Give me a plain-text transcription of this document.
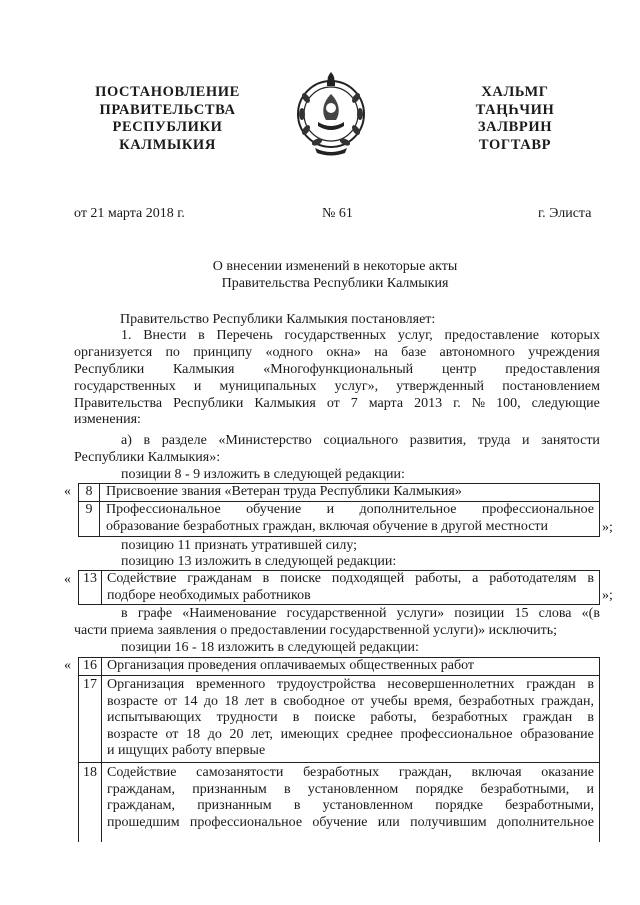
ПОСТАНОВЛЕНИЕ
ПРАВИТЕЛЬСТВА
РЕСПУБЛИКИ
КАЛМЫКИЯ
ХАЛЬМГ
ТАҢҺЧИН
ЗАЛВРИН
ТОГТАВР
от 21 марта 2018 г.	№ 61	г. Элиста
О внесении изменений в некоторые акты
Правительства Республики Калмыкия
Правительство Республики Калмыкия постановляет:
1. Внести в Перечень государственных услуг, предоставление которых
организуется по принципу «одного окна» на базе автономного учреждения
Республики Калмыкия «Многофункциональный центр предоставления
государственных и муниципальных услуг», утвержденный постановлением
Правительства Республики Калмыкия от 7 марта 2013 г. № 100, следующие
изменения:
а) в разделе «Министерство социального развития, труда и занятости
Республики Калмыкия»:
позиции 8 - 9 изложить в следующей редакции:
«	8 Присвоение звания «Ветеран труда Республики Калмыкия»
9 Профессиональное обучение и дополнительное профессиональное
образование безработных граждан, включая обучение в другой местности	»;
позицию 11 признать утратившей силу;
позицию 13 изложить в следующей редакции:
« 13 Содействие гражданам в поиске подходящей работы, а работодателям в
подборе необходимых работников	»;
в графе «Наименование государственной услуги» позиции 15 слова «(в
части приема заявления о предоставлении государственной услуги)» исключить;
позиции 16 - 18 изложить в следующей редакции:
« 16 Организация проведения оплачиваемых общественных работ
17 Организация временного трудоустройства несовершеннолетних граждан в
возрасте от 14 до 18 лет в свободное от учебы время, безработных граждан,
испытывающих трудности в поиске работы, безработных граждан в
возрасте от 18 до 20 лет, имеющих среднее профессиональное образование
и ищущих работу впервые
18 Содействие самозанятости безработных граждан, включая оказание
гражданам, признанным в установленном порядке безработными, и
гражданам, признанным в установленном порядке безработными,
прошедшим профессиональное обучение или получившим дополнительное
